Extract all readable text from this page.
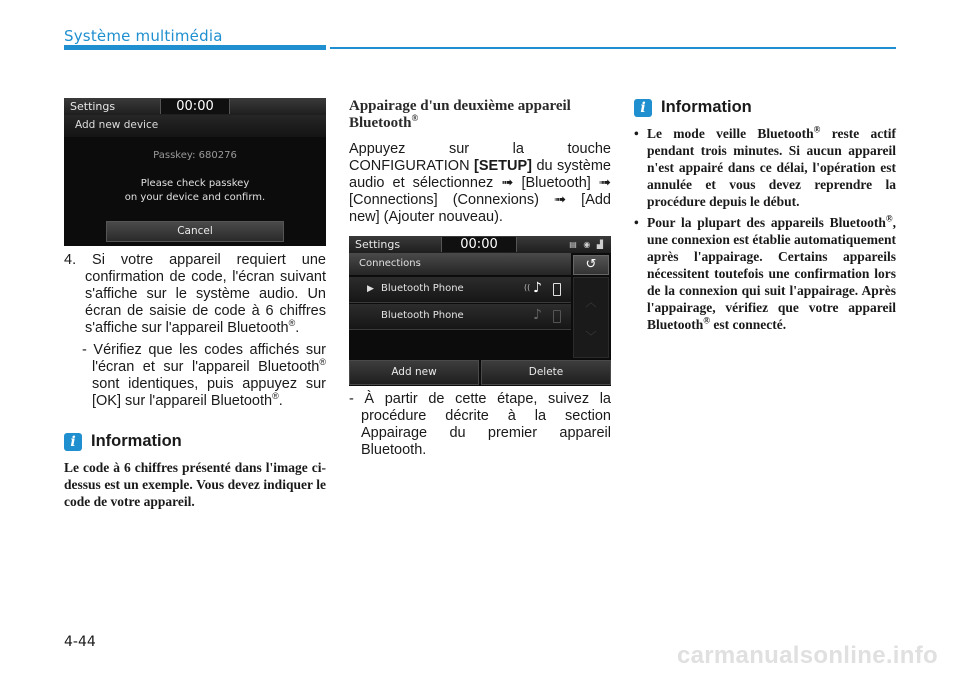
Système multimédia
Settings	00:00
Add new device
Passkey: 680276
Please check passkey
on your device and confirm.
Cancel

4. Si votre appareil requiert une confirmation de code, l'écran suivant s'affiche sur le système audio. Un écran de saisie de code à 6 chiffres s'affiche sur l'appareil Bluetooth®.

- Vérifiez que les codes affichés sur l'écran et sur l'appareil Bluetooth® sont identiques, puis appuyez sur [OK] sur l'appareil Bluetooth®.

i Information

Le code à 6 chiffres présenté dans l'image ci-dessus est un exemple. Vous devez indiquer le code de votre appareil.

Appairage d'un deuxième appareil Bluetooth®

Appuyez sur la touche CONFIGURATION [SETUP] du système audio et sélectionnez ➟ [Bluetooth] ➟ [Connections] (Connexions) ➟ [Add new] (Ajouter nouveau).

Settings	00:00	▤ ◉ ▟
Connections	↺
︿
﹀
▶ Bluetooth Phone
((	♪
Bluetooth Phone	♪
Add new	Delete

- À partir de cette étape, suivez la procédure décrite à la section Appairage du premier appareil Bluetooth.

i Information
• Le mode veille Bluetooth® reste actif pendant trois minutes. Si aucun appareil n'est appairé dans ce délai, l'opération est annulée et vous devez reprendre la procédure depuis le début.
• Pour la plupart des appareils Bluetooth®, une connexion est établie automatiquement après l'appairage. Certains appareils nécessitent toutefois une confirmation lors de la connexion qui suit l'appairage. Après l'appairage, vérifiez que votre appareil Bluetooth® est connecté.
4-44	carmanualsonline.info
